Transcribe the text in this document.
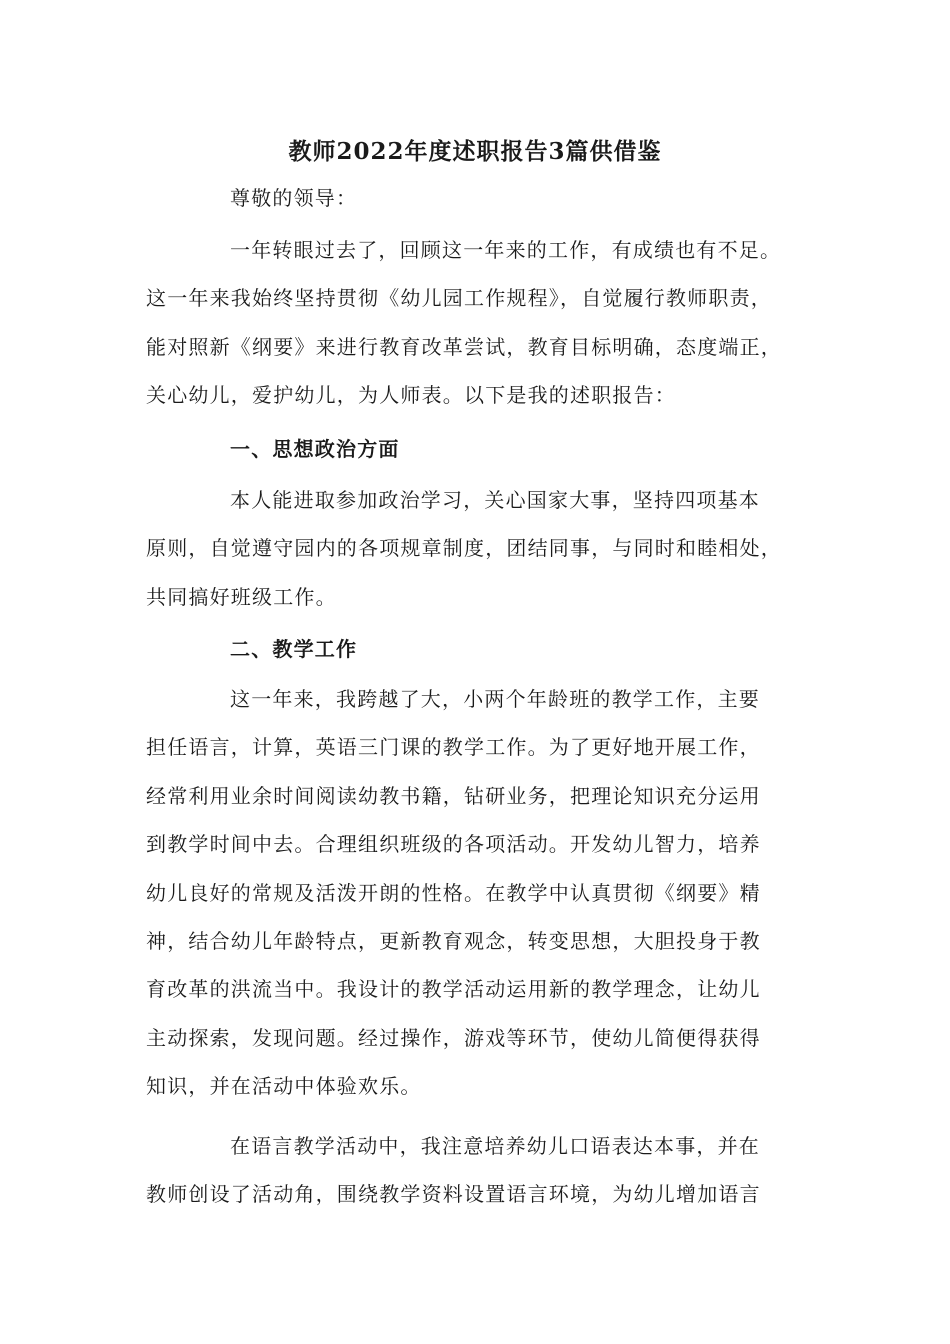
教师2022年度述职报告3篇供借鉴

尊敬的领导：

一年转眼过去了，回顾这一年来的工作，有成绩也有不足。
这一年来我始终坚持贯彻《幼儿园工作规程》，自觉履行教师职责，
能对照新《纲要》来进行教育改革尝试，教育目标明确，态度端正，
关心幼儿，爱护幼儿，为人师表。以下是我的述职报告：

一、思想政治方面

本人能进取参加政治学习，关心国家大事，坚持四项基本
原则，自觉遵守园内的各项规章制度，团结同事，与同时和睦相处，
共同搞好班级工作。

二、教学工作

这一年来，我跨越了大，小两个年龄班的教学工作，主要
担任语言，计算，英语三门课的教学工作。为了更好地开展工作，
经常利用业余时间阅读幼教书籍，钻研业务，把理论知识充分运用
到教学时间中去。合理组织班级的各项活动。开发幼儿智力，培养
幼儿良好的常规及活泼开朗的性格。在教学中认真贯彻《纲要》精
神，结合幼儿年龄特点，更新教育观念，转变思想，大胆投身于教
育改革的洪流当中。我设计的教学活动运用新的教学理念，让幼儿
主动探索，发现问题。经过操作，游戏等环节，使幼儿简便得获得
知识，并在活动中体验欢乐。

在语言教学活动中，我注意培养幼儿口语表达本事，并在
教师创设了活动角，围绕教学资料设置语言环境，为幼儿增加语言
